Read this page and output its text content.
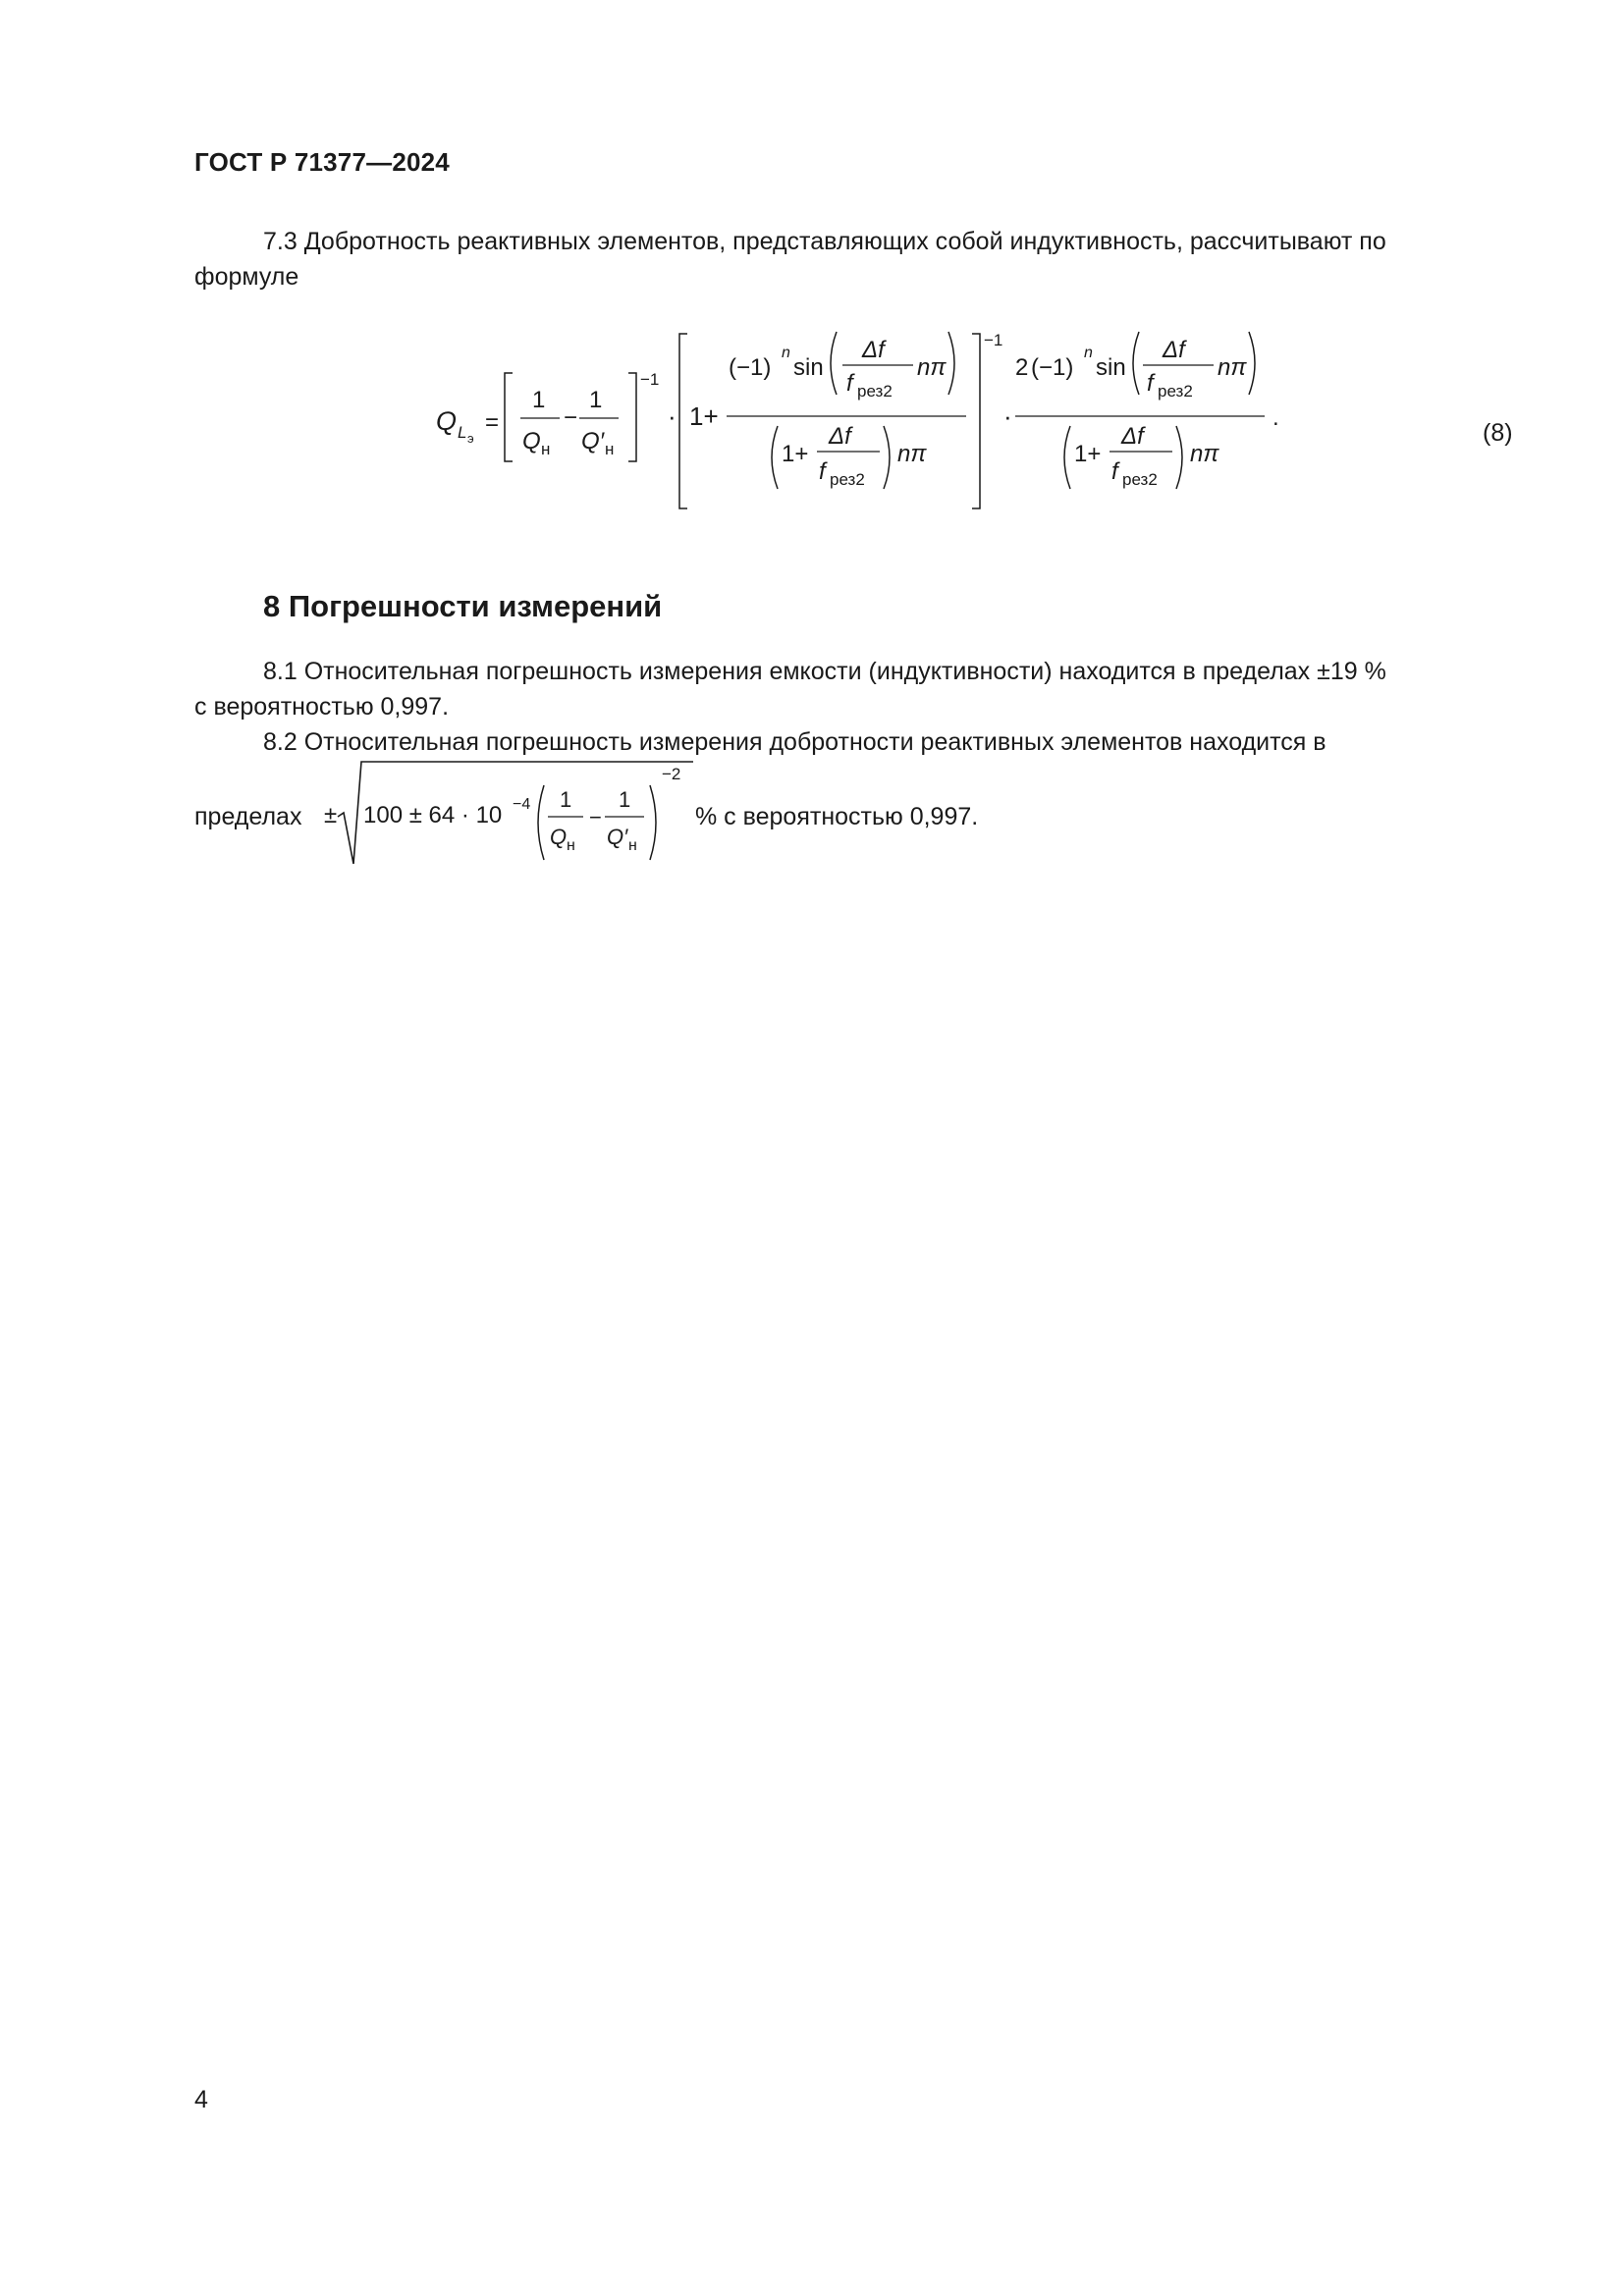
ГОСТ Р 71377—2024
7.3 Добротность реактивных элементов, представляющих собой индуктивность, рассчитывают по
формуле
Q L э
=
1
Q н
−
1
Q′ н
−1
· 1+
(−1)
n
sin
Δf
f рез2
nπ
1+
Δf
f рез2
nπ
−1
·
2 (−1)
n
sin
Δf
f рез2
nπ
1+
Δf
f рез2
nπ
.
(8)
8 Погрешности измерений
8.1 Относительная погрешность измерения емкости (индуктивности) находится в пределах ±19 %
с вероятностью 0,997.
8.2 Относительная погрешность измерения добротности реактивных элементов находится в
пределах ± 100 ± 64 · 10 −4 1
Q н
−
1
Q′ н
−2
% с вероятностью 0,997.
4
